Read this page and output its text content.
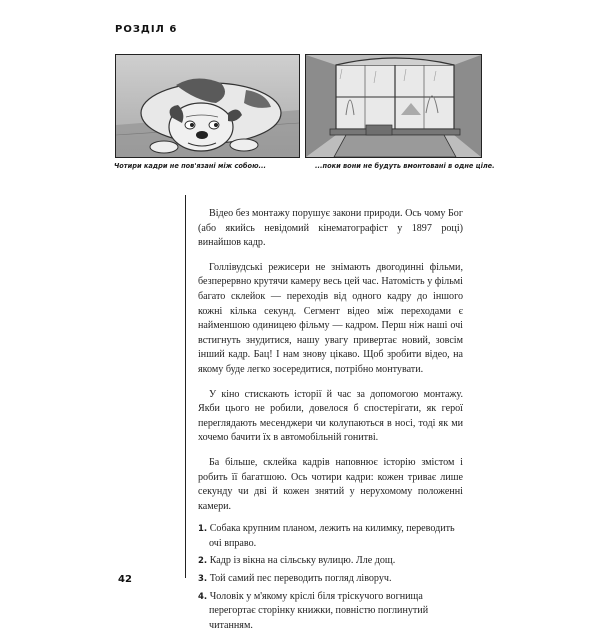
РОЗДІЛ 6
Чотири кадри не пов'язані між собою...	...поки вони не будуть вмонтовані в одне ціле.

Відео без монтажу порушує закони природи. Ось чому Бог (або якийсь невідомий кінематографіст у 1897 році) винайшов кадр.

Голлівудські режисери не знімають двогодинні фільми, безперервно крутячи камеру весь цей час. Натомість у фільмі багато склейок — переходів від одного кадру до іншого кожні кілька секунд. Сегмент відео між переходами є найменшою одиницею фільму — кадром. Перш ніж наші очі встигнуть знудитися, нашу увагу привертає новий, зовсім інший кадр. Бац! І нам знову цікаво. Щоб зробити відео, на якому буде легко зосередитися, потрібно монтувати.

У кіно стискають історії й час за допомогою монтажу. Якби цього не робили, довелося б спостерігати, як герої переглядають месенджери чи колупаються в носі, тоді як ми хочемо бачити їх в автомобільній гонитві.

Ба більше, склейка кадрів наповнює історію змістом і робить її багатшою. Ось чотири кадри: кожен триває лише секунду чи дві й кожен знятий у нерухомому положенні камери.

1. Собака крупним планом, лежить на килимку, переводить очі вправо.
2. Кадр із вікна на сільську вулицю. Лле дощ.
3. Той самий пес переводить погляд ліворуч.
4. Чоловік у м'якому кріслі біля тріскучого вогнища перегортає сторінку книжки, повністю поглинутий читанням.
42
